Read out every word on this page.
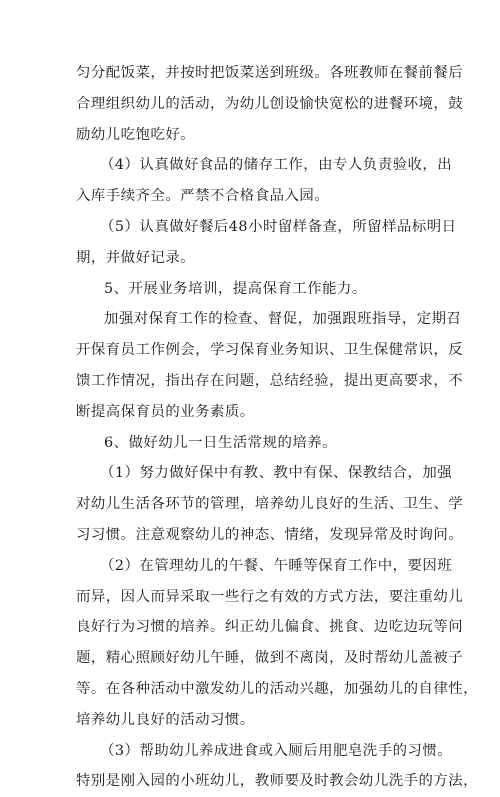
匀分配饭菜，并按时把饭菜送到班级。各班教师在餐前餐后
合理组织幼儿的活动，为幼儿创设愉快宽松的进餐环境，鼓
励幼儿吃饱吃好。
（4）认真做好食品的储存工作，由专人负责验收，出
入库手续齐全。严禁不合格食品入园。
（5）认真做好餐后48小时留样备查，所留样品标明日
期，并做好记录。
5、开展业务培训，提高保育工作能力。
加强对保育工作的检查、督促，加强跟班指导，定期召
开保育员工作例会，学习保育业务知识、卫生保健常识，反
馈工作情况，指出存在问题，总结经验，提出更高要求，不
断提高保育员的业务素质。
6、做好幼儿一日生活常规的培养。
（1）努力做好保中有教、教中有保、保教结合，加强
对幼儿生活各环节的管理，培养幼儿良好的生活、卫生、学
习习惯。注意观察幼儿的神态、情绪，发现异常及时询问。
（2）在管理幼儿的午餐、午睡等保育工作中，要因班
而异，因人而异采取一些行之有效的方式方法，要注重幼儿
良好行为习惯的培养。纠正幼儿偏食、挑食、边吃边玩等问
题，精心照顾好幼儿午睡，做到不离岗，及时帮幼儿盖被子
等。在各种活动中激发幼儿的活动兴趣，加强幼儿的自律性，
培养幼儿良好的活动习惯。
（3）帮助幼儿养成进食或入厕后用肥皂洗手的习惯。
特别是刚入园的小班幼儿，教师要及时教会幼儿洗手的方法，
